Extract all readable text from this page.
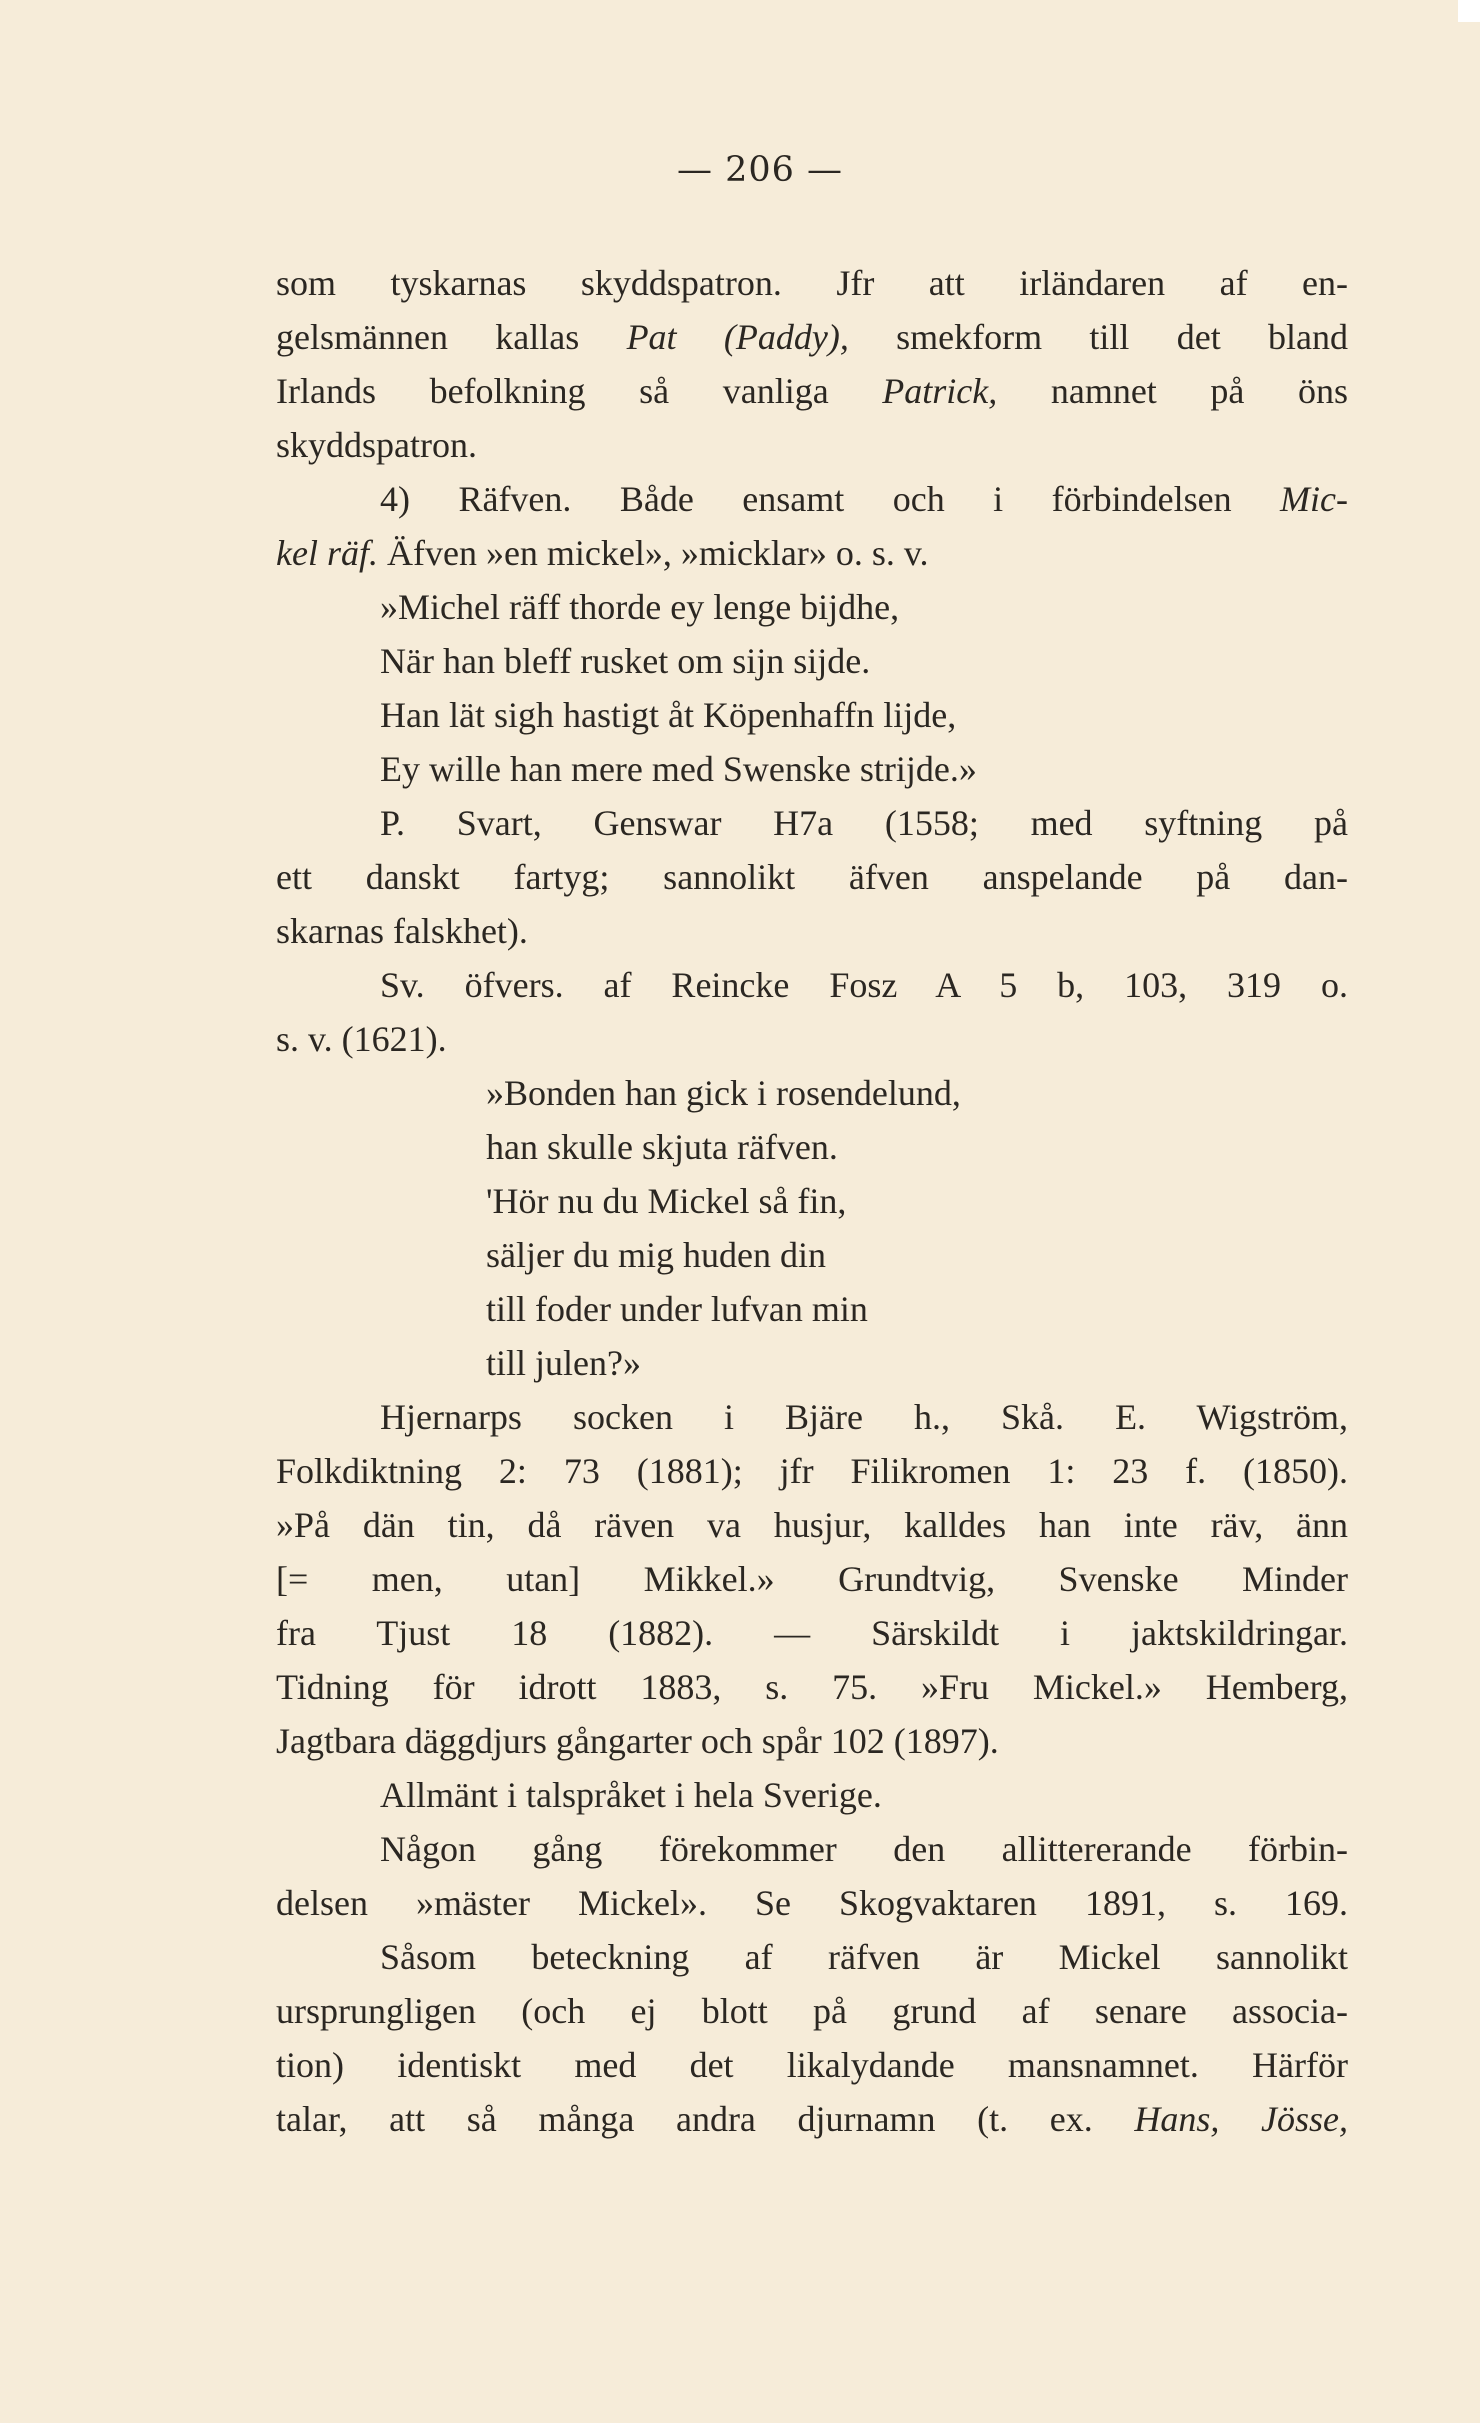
— 206 —
som tyskarnas skyddspatron. Jfr att irländaren af en-
gelsmännen kallas Pat (Paddy), smekform till det bland
Irlands befolkning så vanliga Patrick, namnet på öns
skyddspatron.
4) Räfven. Både ensamt och i förbindelsen Mic-
kel räf. Äfven »en mickel», »micklar» o. s. v.
»Michel räff thorde ey lenge bijdhe,
När han bleff rusket om sijn sijde.
Han lät sigh hastigt åt Köpenhaffn lijde,
Ey wille han mere med Swenske strijde.»
P. Svart, Genswar H7a (1558; med syftning på
ett danskt fartyg; sannolikt äfven anspelande på dan-
skarnas falskhet).
Sv. öfvers. af Reincke Fosz A 5 b, 103, 319 o.
s. v. (1621).
»Bonden han gick i rosendelund,
han skulle skjuta räfven.
'Hör nu du Mickel så fin,
säljer du mig huden din
till foder under lufvan min
till julen?»
Hjernarps socken i Bjäre h., Skå. E. Wigström,
Folkdiktning 2: 73 (1881); jfr Filikromen 1: 23 f. (1850).
»På dän tin, då räven va husjur, kalldes han inte räv, änn
[= men, utan] Mikkel.» Grundtvig, Svenske Minder
fra Tjust 18 (1882). — Särskildt i jaktskildringar.
Tidning för idrott 1883, s. 75. »Fru Mickel.» Hemberg,
Jagtbara däggdjurs gångarter och spår 102 (1897).
Allmänt i talspråket i hela Sverige.
Någon gång förekommer den allittererande förbin-
delsen »mäster Mickel». Se Skogvaktaren 1891, s. 169.
Såsom beteckning af räfven är Mickel sannolikt
ursprungligen (och ej blott på grund af senare associa-
tion) identiskt med det likalydande mansnamnet. Härför
talar, att så många andra djurnamn (t. ex. Hans, Jösse,
